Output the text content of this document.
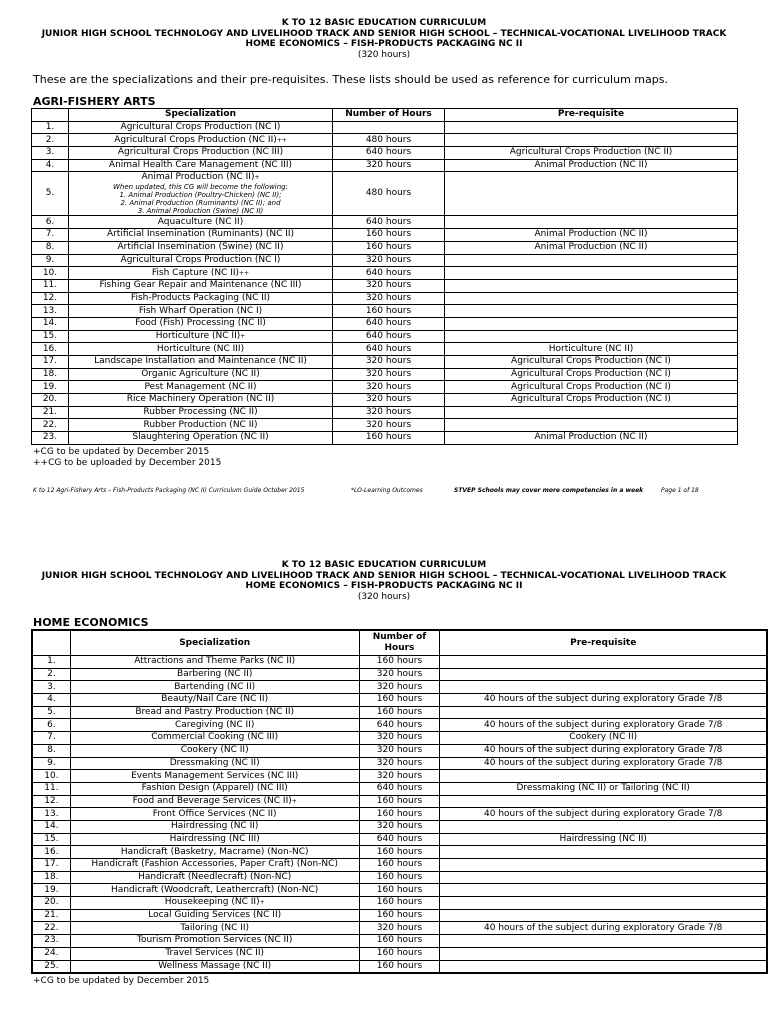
K TO 12 BASIC EDUCATION CURRICULUM
JUNIOR HIGH SCHOOL TECHNOLOGY AND LIVELIHOOD TRACK AND SENIOR HIGH SCHOOL – TECHNICAL-VOCATIONAL LIVELIHOOD TRACK
HOME ECONOMICS – FISH-PRODUCTS PACKAGING NC II
(320 hours)
These are the specializations and their pre-requisites. These lists should be used as reference for curriculum maps.
AGRI-FISHERY ARTS
	Specialization	Number of Hours	Pre-requisite
1.	Agricultural Crops Production (NC I)		
2.	Agricultural Crops Production (NC II)++	480 hours	
3.	Agricultural Crops Production (NC III)	640 hours	Agricultural Crops Production (NC II)
4.	Animal Health Care Management (NC III)	320 hours	Animal Production (NC II)
5.	Animal Production (NC II)+
When updated, this CG will become the following:
1. Animal Production (Poultry-Chicken) (NC II);
2. Animal Production (Ruminants) (NC II); and
3. Animal Production (Swine) (NC II)	480 hours	
6.	Aquaculture (NC II)	640 hours	
7.	Artificial Insemination (Ruminants) (NC II)	160 hours	Animal Production (NC II)
8.	Artificial Insemination (Swine) (NC II)	160 hours	Animal Production (NC II)
9.	Agricultural Crops Production (NC I)	320 hours	
10.	Fish Capture (NC II)++	640 hours	
11.	Fishing Gear Repair and Maintenance (NC III)	320 hours	
12.	Fish-Products Packaging (NC II)	320 hours	
13.	Fish Wharf Operation (NC I)	160 hours	
14.	Food (Fish) Processing (NC II)	640 hours	
15.	Horticulture (NC II)+	640 hours	
16.	Horticulture (NC III)	640 hours	Horticulture (NC II)
17.	Landscape Installation and Maintenance (NC II)	320 hours	Agricultural Crops Production (NC I)
18.	Organic Agriculture (NC II)	320 hours	Agricultural Crops Production (NC I)
19.	Pest Management (NC II)	320 hours	Agricultural Crops Production (NC I)
20.	Rice Machinery Operation (NC II)	320 hours	Agricultural Crops Production (NC I)
21.	Rubber Processing (NC II)	320 hours	
22.	Rubber Production (NC II)	320 hours	
23.	Slaughtering Operation (NC II)	160 hours	Animal Production (NC II)
+CG to be updated by December 2015
++CG to be uploaded by December 2015
K to 12 Agri-Fishery Arts – Fish-Products Packaging (NC II) Curriculum Guide October 2015	*LO-Learning Outcomes	STVEP Schools may cover more competencies in a week	Page 1 of 18
K TO 12 BASIC EDUCATION CURRICULUM
JUNIOR HIGH SCHOOL TECHNOLOGY AND LIVELIHOOD TRACK AND SENIOR HIGH SCHOOL – TECHNICAL-VOCATIONAL LIVELIHOOD TRACK
HOME ECONOMICS – FISH-PRODUCTS PACKAGING NC II
(320 hours)
HOME ECONOMICS
	Specialization	Number of Hours	Pre-requisite
1.	Attractions and Theme Parks (NC II)	160 hours	
2.	Barbering (NC II)	320 hours	
3.	Bartending (NC II)	320 hours	
4.	Beauty/Nail Care (NC II)	160 hours	40 hours of the subject during exploratory Grade 7/8
5.	Bread and Pastry Production (NC II)	160 hours	
6.	Caregiving (NC II)	640 hours	40 hours of the subject during exploratory Grade 7/8
7.	Commercial Cooking (NC III)	320 hours	Cookery (NC II)
8.	Cookery (NC II)	320 hours	40 hours of the subject during exploratory Grade 7/8
9.	Dressmaking (NC II)	320 hours	40 hours of the subject during exploratory Grade 7/8
10.	Events Management Services (NC III)	320 hours	
11.	Fashion Design (Apparel) (NC III)	640 hours	Dressmaking (NC II) or Tailoring (NC II)
12.	Food and Beverage Services (NC II)+	160 hours	
13.	Front Office Services (NC II)	160 hours	40 hours of the subject during exploratory Grade 7/8
14.	Hairdressing (NC II)	320 hours	
15.	Hairdressing (NC III)	640 hours	Hairdressing (NC II)
16.	Handicraft (Basketry, Macrame) (Non-NC)	160 hours	
17.	Handicraft (Fashion Accessories, Paper Craft) (Non-NC)	160 hours	
18.	Handicraft (Needlecraft) (Non-NC)	160 hours	
19.	Handicraft (Woodcraft, Leathercraft) (Non-NC)	160 hours	
20.	Housekeeping (NC II)+	160 hours	
21.	Local Guiding Services (NC II)	160 hours	
22.	Tailoring (NC II)	320 hours	40 hours of the subject during exploratory Grade 7/8
23.	Tourism Promotion Services (NC II)	160 hours	
24.	Travel Services (NC II)	160 hours	
25.	Wellness Massage (NC II)	160 hours	
+CG to be updated by December 2015
